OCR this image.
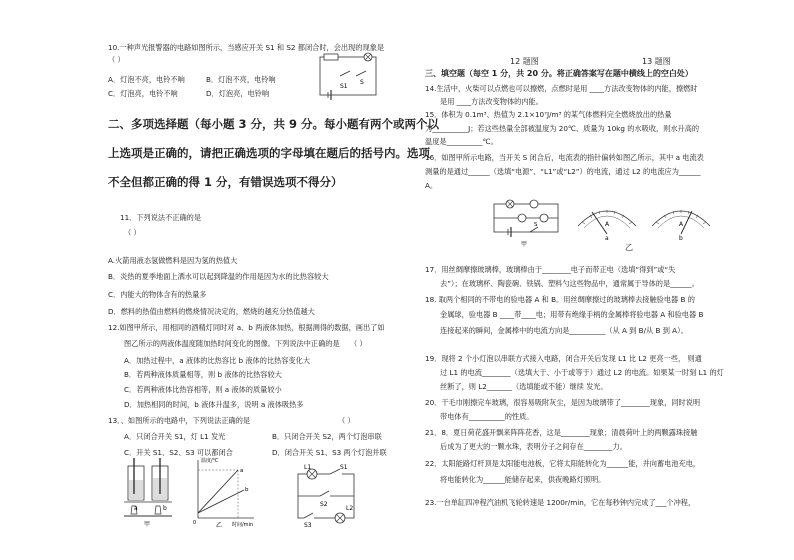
10.一种声光报警器的电路如图所示，当感应开关 S1 和 S2 都闭合时，会出现的现象是
（ ）
A．灯泡不亮，电铃不响	B．灯泡不亮，电铃响
C．灯泡亮，电铃不响	D．灯泡亮，电铃响
S1
S
二、多项选择题（每小题 3 分，共 9 分。每小题有两个或两个以
上选项是正确的，请把正确选项的字母填在题后的括号内。选项
不全但都正确的得 1 分，有错误选项不得分）
11．下列说法不正确的是
（ ）
A.火箭用液态氢做燃料是因为氢的热值大
B．炎热的夏季地面上洒水可以起到降温的作用是因为水的比热容较大
C．内能大的物体含有的热量多
D．燃料的热值由燃料的燃烧情况决定的，燃烧的越充分热值越大
12.如图甲所示，用相同的酒精灯同时对 a、b 两液体加热，根据测得的数据，画出了如
图乙所示的两液体温度随加热时间变化的图像。下列说法中正确的是 （ ）
A．加热过程中，a 液体的比热容比 b 液体的比热容变化大
B．若两种液体质量相等，则 b 液体的比热容较大
C．若两种液体比热容相等，则 a 液体的质量较小
D．加热相同的时间，b 液体升温多，说明 a 液体吸热多
13．、如图所示的电路中，下列说法正确的是	（ ）
A．只闭合开关 S1，灯 L1 发光	B．只闭合开关 S2，两个灯泡串联
C．开关 S1、S2、S3 可以都闭合	D．闭合开关 S1、S3 两个灯泡并联
a	b
甲
温度/℃
a
b
0	时间/min
乙
L1	S1
S2
L2
S3
12 题图	13 题图
三、填空题（每空 1 分，共 20 分。将正确答案写在题中横线上的空白处）
14.生活中，火柴可以点燃也可以擦燃，点燃时是用 ____方法改变物体的内能，擦燃时
是用 ____方法改变物体的内能。
15．体积为 0.1m³、热值为 2.1×10⁷J/m³ 的某气体燃料完全燃烧放出的热量
为__________J；若这些热量全部被温度为 20℃、质量为 10kg 的水吸收，则水升高的
温度是__________℃。
16．如图甲所示电路，当开关 S 闭合后，电流表的指针偏转如图乙所示，其中 a 电流表
测量的是通过______（选填“电源”、“L1”或“L2”）的电流，通过 L2 的电流应为______
A。
S
甲
A
a
A
b
乙
17．用丝绸摩擦玻璃棒，玻璃棒由于________电子而带正电（选填“得到”或“失
去”）；在玻璃杯、陶瓷碗、铁锅、塑料勺这些物品中，通常属于导体的是______。
18. 取两个相同的不带电的验电器 A 和 B。用丝绸摩擦过的玻璃棒去接触验电器 B 的
金属球，验电器 B ____带____电；用带有绝缘手柄的金属棒将验电器 A 和验电器 B
连接起来的瞬间，金属棒中的电流方向是__________（从 A 到 B/从 B 到 A）。
19．现将 2 个小灯泡以串联方式接入电路，闭合开关后发现 L1 比 L2 更亮一些， 则通
过 L1 的电流________（选填大于、小于或等于）通过 L2 的电流。如果某一时刻 L1 的灯
丝断了，则 L2_______（选填能或不能）继续 发光。
20．干毛巾刚擦完车玻璃，很容易吸附灰尘，是因为玻璃带了________现象，同时说明
带电体有__________的性质。
21．8．夏日荷花盛开飘来阵阵花香，这是________现象；清晨荷叶上的两颗露珠接触
后成为了更大的一颗水珠，表明分子之间存在________力。
22．太阳能路灯杆顶是太阳能电池板，它将太阳能转化为______能，并向蓄电池充电，
将电能转化为______能储存起来，供夜晚路灯照明。
23.一台单缸四冲程汽油机飞轮转速是 1200r/min，它在每秒钟内完成了___个冲程，
